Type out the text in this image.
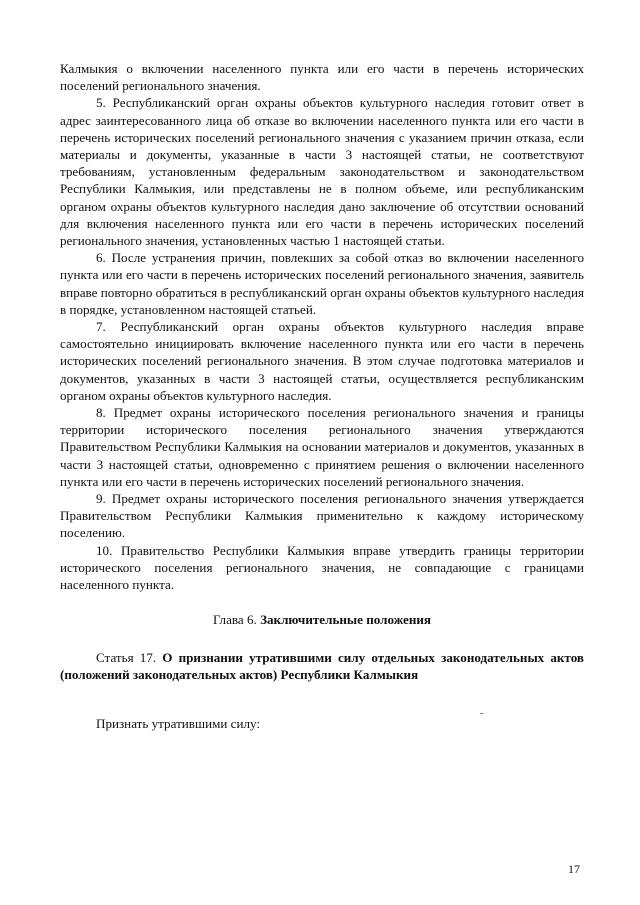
Калмыкия о включении населенного пункта или его части в перечень исторических поселений регионального значения.

5. Республиканский орган охраны объектов культурного наследия готовит ответ в адрес заинтересованного лица об отказе во включении населенного пункта или его части в перечень исторических поселений регионального значения с указанием причин отказа, если материалы и документы, указанные в части 3 настоящей статьи, не соответствуют требованиям, установленным федеральным законодательством и законодательством Республики Калмыкия, или представлены не в полном объеме, или республиканским органом охраны объектов культурного наследия дано заключение об отсутствии оснований для включения населенного пункта или его части в перечень исторических поселений регионального значения, установленных частью 1 настоящей статьи.

6. После устранения причин, повлекших за собой отказ во включении населенного пункта или его части в перечень исторических поселений регионального значения, заявитель вправе повторно обратиться в республиканский орган охраны объектов культурного наследия в порядке, установленном настоящей статьей.

7. Республиканский орган охраны объектов культурного наследия вправе самостоятельно инициировать включение населенного пункта или его части в перечень исторических поселений регионального значения. В этом случае подготовка материалов и документов, указанных в части 3 настоящей статьи, осуществляется республиканским органом охраны объектов культурного наследия.

8. Предмет охраны исторического поселения регионального значения и границы территории исторического поселения регионального значения утверждаются Правительством Республики Калмыкия на основании материалов и документов, указанных в части 3 настоящей статьи, одновременно с принятием решения о включении населенного пункта или его части в перечень исторических поселений регионального значения.

9. Предмет охраны исторического поселения регионального значения утверждается Правительством Республики Калмыкия применительно к каждому историческому поселению.

10. Правительство Республики Калмыкия вправе утвердить границы территории исторического поселения регионального значения, не совпадающие с границами населенного пункта.

Глава 6. Заключительные положения

Статья 17. О признании утратившими силу отдельных законодательных актов (положений законодательных актов) Республики Калмыкия

Признать утратившими силу:

-
17
